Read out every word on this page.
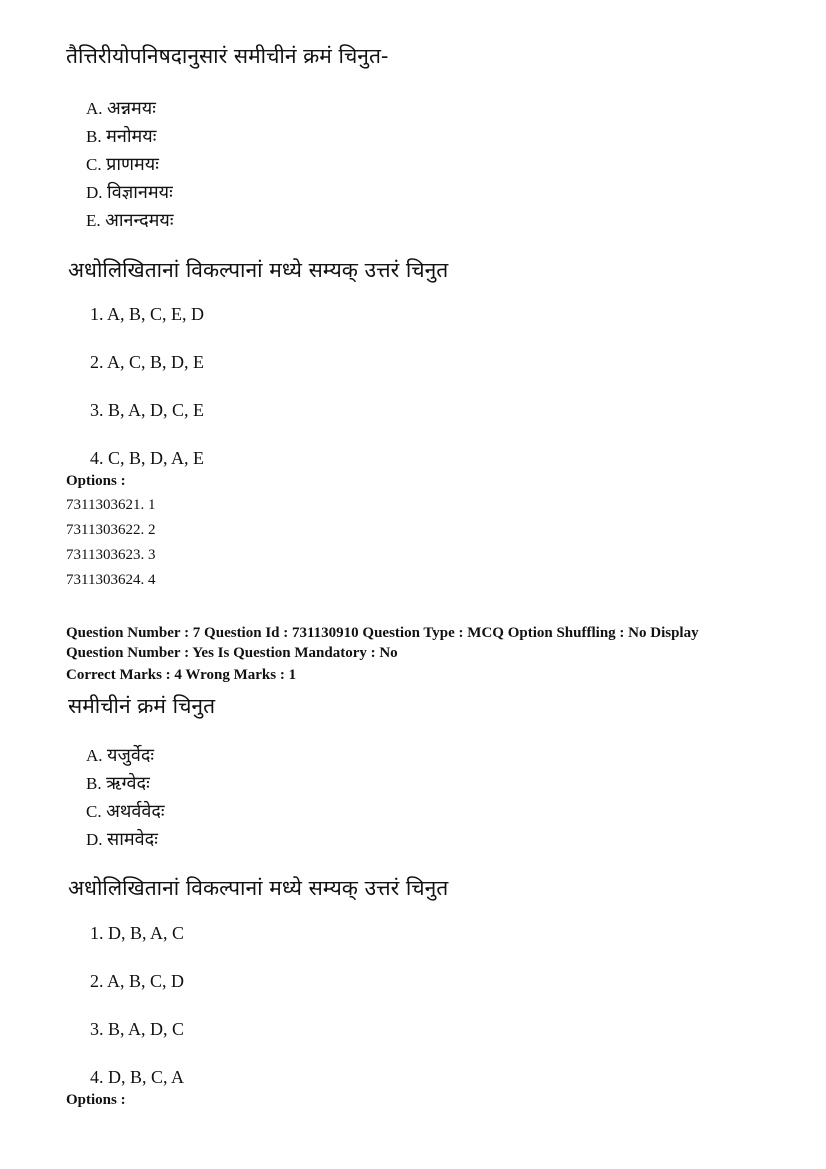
तैत्तिरीयोपनिषदानुसारं समीचीनं क्रमं चिनुत-
A. अन्नमयः
B. मनोमयः
C. प्राणमयः
D. विज्ञानमयः
E. आनन्दमयः
अधोलिखितानां विकल्पानां मध्ये सम्यक् उत्तरं चिनुत
1. A, B, C, E, D
2. A, C, B, D, E
3. B, A, D, C, E
4. C, B, D, A, E
Options :
7311303621. 1
7311303622. 2
7311303623. 3
7311303624. 4
Question Number : 7 Question Id : 731130910 Question Type : MCQ Option Shuffling : No Display
Question Number : Yes Is Question Mandatory : No
Correct Marks : 4 Wrong Marks : 1
समीचीनं क्रमं चिनुत
A. यजुर्वेदः
B. ऋग्वेदः
C. अथर्ववेदः
D. सामवेदः
अधोलिखितानां विकल्पानां मध्ये सम्यक् उत्तरं चिनुत
1. D, B, A, C
2. A, B, C, D
3. B, A, D, C
4. D, B, C, A
Options :
